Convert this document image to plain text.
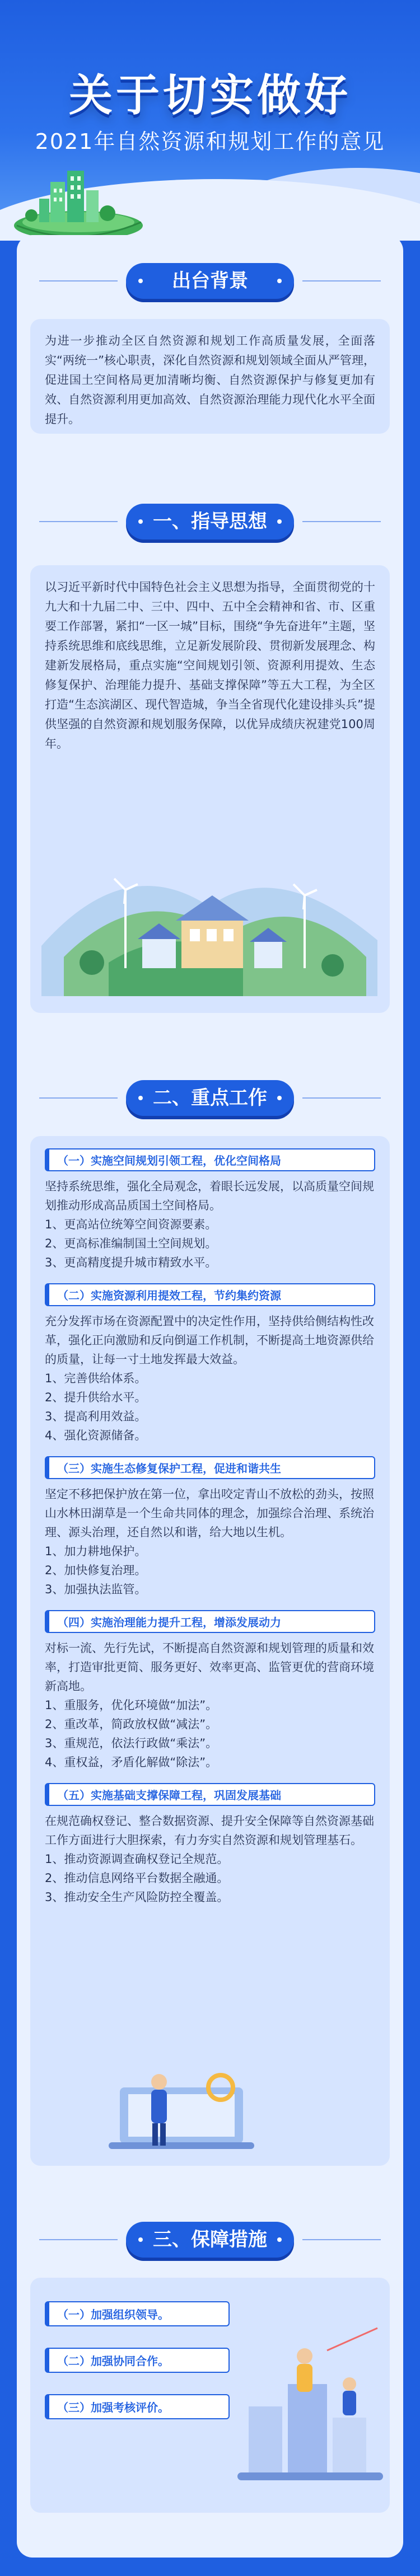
关于切实做好
2021年自然资源和规划工作的意见
出台背景

为进一步推动全区自然资源和规划工作高质量发展，全面落实“两统一”核心职责，深化自然资源和规划领域全面从严管理，促进国土空间格局更加清晰均衡、自然资源保护与修复更加有效、自然资源利用更加高效、自然资源治理能力现代化水平全面提升。

一、指导思想

以习近平新时代中国特色社会主义思想为指导，全面贯彻党的十九大和十九届二中、三中、四中、五中全会精神和省、市、区重要工作部署，紧扣“一区一城”目标，围绕“争先奋进年”主题，坚持系统思维和底线思维，立足新发展阶段、贯彻新发展理念、构建新发展格局，重点实施“空间规划引领、资源利用提效、生态修复保护、治理能力提升、基础支撑保障”等五大工程，为全区打造“生态滨湖区、现代智造城，争当全省现代化建设排头兵”提供坚强的自然资源和规划服务保障，以优异成绩庆祝建党100周年。

二、重点工作
（一）实施空间规划引领工程，优化空间格局
坚持系统思维，强化全局观念，着眼长远发展，以高质量空间规划推动形成高品质国土空间格局。
1、更高站位统筹空间资源要素。
2、更高标准编制国土空间规划。
3、更高精度提升城市精致水平。
（二）实施资源利用提效工程，节约集约资源
充分发挥市场在资源配置中的决定性作用，坚持供给侧结构性改革，强化正向激励和反向倒逼工作机制，不断提高土地资源供给的质量，让每一寸土地发挥最大效益。
1、完善供给体系。
2、提升供给水平。
3、提高利用效益。
4、强化资源储备。
（三）实施生态修复保护工程，促进和谐共生
坚定不移把保护放在第一位，拿出咬定青山不放松的劲头，按照山水林田湖草是一个生命共同体的理念，加强综合治理、系统治理、源头治理，还自然以和谐，给大地以生机。
1、加力耕地保护。
2、加快修复治理。
3、加强执法监管。
（四）实施治理能力提升工程，增添发展动力
对标一流、先行先试，不断提高自然资源和规划管理的质量和效率，打造审批更简、服务更好、效率更高、监管更优的营商环境新高地。
1、重服务，优化环境做“加法”。
2、重改革，简政放权做“减法”。
3、重规范，依法行政做“乘法”。
4、重权益，矛盾化解做“除法”。
（五）实施基础支撑保障工程，巩固发展基础
在规范确权登记、整合数据资源、提升安全保障等自然资源基础工作方面进行大胆探索，有力夯实自然资源和规划管理基石。
1、推动资源调查确权登记全规范。
2、推动信息网络平台数据全融通。
3、推动安全生产风险防控全覆盖。
三、保障措施
（一）加强组织领导。
（二）加强协同合作。
（三）加强考核评价。
